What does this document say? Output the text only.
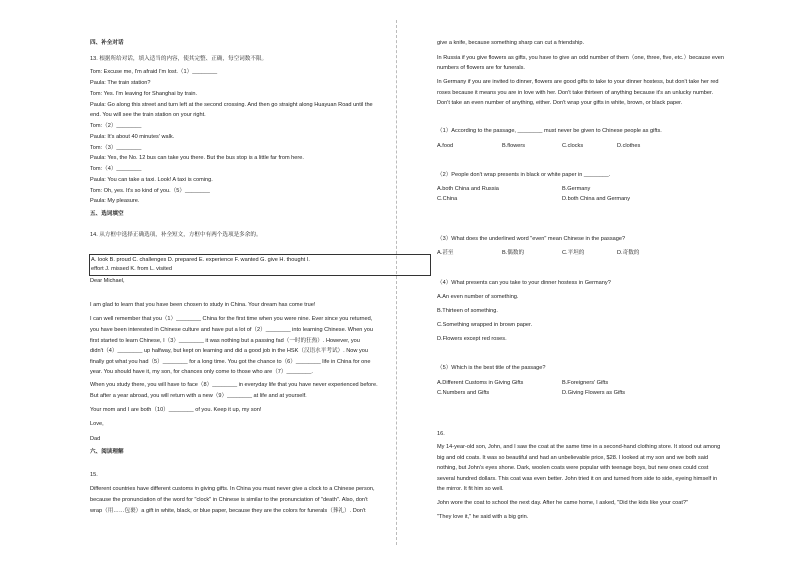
四、补全对话
13. 根据所给对话，填入适当的内容，使其完整、正确，每空词数不限。
Tom: Excuse me, I'm afraid I'm lost.（1）________
Paula: The train station?
Tom: Yes. I'm leaving for Shanghai by train.
Paula: Go along this street and turn left at the second crossing. And then go straight along Huayuan Road until the
end. You will see the train station on your right.
Tom:（2）________
Paula: It's about 40 minutes' walk.
Tom:（3）________
Paula: Yes, the No. 12 bus can take you there. But the bus stop is a little far from here.
Tom:（4）________
Paula: You can take a taxi. Look! A taxi is coming.
Tom: Oh, yes. It's so kind of you.（5）________
Paula: My pleasure.
五、选词填空
14. 从方框中选择正确选项，补全短文，方框中有两个选项是多余的。
A. look B. proud C. challenges D. prepared E. experience F. wanted G. give H. thought I.
effort J. missed K. from L. visited
Dear Michael,
I am glad to learn that you have been chosen to study in China. Your dream has come true!
I can well remember that you（1）________ China for the first time when you were nine. Ever since you returned,
you have been interested in Chinese culture and have put a lot of（2）________ into learning Chinese. When you
first started to learn Chinese, I（3）________ it was nothing but a passing fad（一时的狂热）. However, you
didn't（4）________ up halfway, but kept on learning and did a good job in the HSK（汉语水平考试）. Now you
finally got what you had（5）________ for a long time. You got the chance to（6）________ life in China for one
year. You should have it, my son, for chances only come to those who are（7）________.
When you study there, you will have to face（8）________ in everyday life that you have never experienced before.
But after a year abroad, you will return with a new（9）________ at life and at yourself.
Your mom and I are both（10）________ of you. Keep it up, my son!
Love,
Dad
六、阅读理解
15.
Different countries have different customs in giving gifts. In China you must never give a clock to a Chinese person,
because the pronunciation of the word for "clock" in Chinese is similar to the pronunciation of "death". Also, don't
wrap（用……包裹）a gift in white, black, or blue paper, because they are the colors for funerals（葬礼）. Don't
give a knife, because something sharp can cut a friendship.
In Russia if you give flowers as gifts, you have to give an odd number of them（one, three, five, etc.）because even
numbers of flowers are for funerals.
In Germany if you are invited to dinner, flowers are good gifts to take to your dinner hostess, but don't take her red
roses because it means you are in love with her. Don't take thirteen of anything because it's an unlucky number.
Don't take an even number of anything, either. Don't wrap your gifts in white, brown, or black paper.
（1）According to the passage, ________ must never be given to Chinese people as gifts.
A.food	B.flowers	C.clocks	D.clothes
（2）People don't wrap presents in black or white paper in ________.
A.both China and Russia	B.Germany
C.China	D.both China and Germany
（3）What does the underlined word "even" mean Chinese in the passage?
A.甚至	B.偶数的	C.平坦的	D.奇数的
（4）What presents can you take to your dinner hostess in Germany?
A.An even number of something.
B.Thirteen of something.
C.Something wrapped in brown paper.
D.Flowers except red roses.
（5）Which is the best title of the passage?
A.Different Customs in Giving Gifts	B.Foreigners' Gifts
C.Numbers and Gifts	D.Giving Flowers as Gifts
16.
My 14-year-old son, John, and I saw the coat at the same time in a second-hand clothing store. It stood out among
big and old coats. It was so beautiful and had an unbelievable price, $28. I looked at my son and we both said
nothing, but John's eyes shone. Dark, woolen coats were popular with teenage boys, but new ones could cost
several hundred dollars. This coat was even better. John tried it on and turned from side to side, eyeing himself in
the mirror. It fit him so well.
John wore the coat to school the next day. After he came home, I asked, "Did the kids like your coat?"
"They love it," he said with a big grin.
